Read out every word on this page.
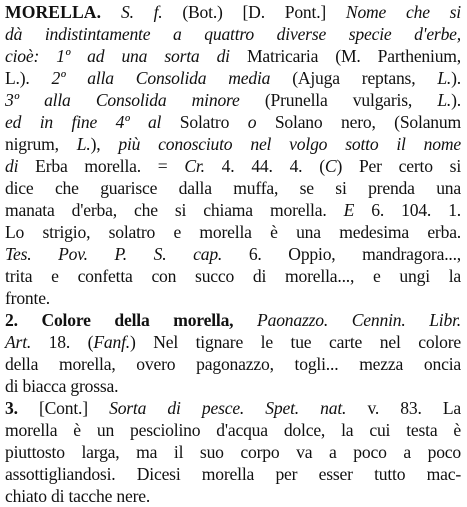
MORELLA. S. f. (Bot.) [D. Pont.] Nome che si
dà indistintamente a quattro diverse specie d'erbe,
cioè: 1º ad una sorta di Matricaria (M. Parthenium,
L.). 2º alla Consolida media (Ajuga reptans, L.).
3º alla Consolida minore (Prunella vulgaris, L.).
ed in fine 4º al Solatro o Solano nero, (Solanum
nigrum, L.), più conosciuto nel volgo sotto il nome
di Erba morella. = Cr. 4. 44. 4. (C) Per certo si
dice che guarisce dalla muffa, se si prenda una
manata d'erba, che si chiama morella. E 6. 104. 1.
Lo strigio, solatro e morella è una medesima erba.
Tes. Pov. P. S. cap. 6. Oppio, mandragora...,
trita e confetta con succo di morella..., e ungi la
fronte.
2. Colore della morella, Paonazzo. Cennin. Libr.
Art. 18. (Fanf.) Nel tignare le tue carte nel colore
della morella, overo pagonazzo, togli... mezza oncia
di biacca grossa.
3. [Cont.] Sorta di pesce. Spet. nat. v. 83. La
morella è un pesciolino d'acqua dolce, la cui testa è
piuttosto larga, ma il suo corpo va a poco a poco
assottigliandosi. Dicesi morella per esser tutto mac-
chiato di tacche nere.
